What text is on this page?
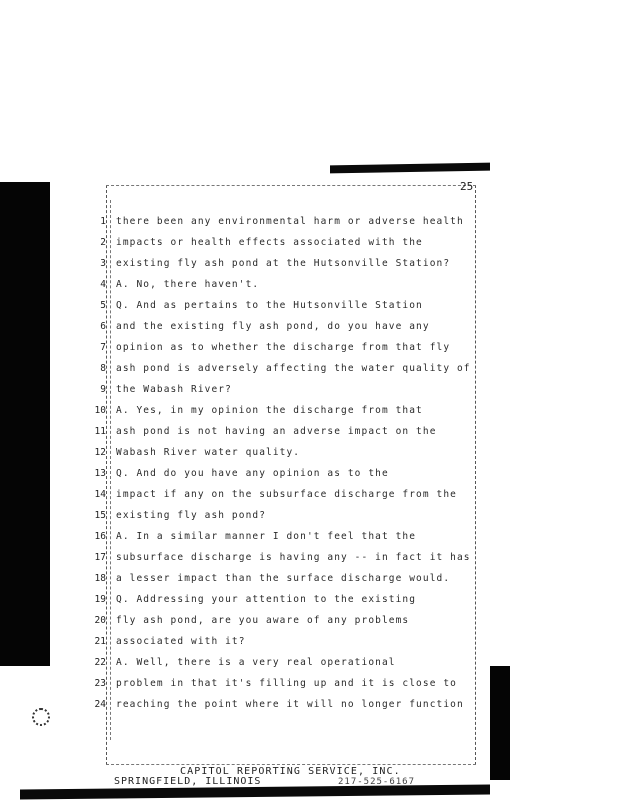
25
1 there been any environmental harm or adverse health
2 impacts or health effects associated with the
3 existing fly ash pond at the Hutsonville Station?
4 A. No, there haven't.
5 Q. And as pertains to the Hutsonville Station
6 and the existing fly ash pond, do you have any
7 opinion as to whether the discharge from that fly
8 ash pond is adversely affecting the water quality of
9 the Wabash River?
10 A. Yes, in my opinion the discharge from that
11 ash pond is not having an adverse impact on the
12 Wabash River water quality.
13 Q. And do you have any opinion as to the
14 impact if any on the subsurface discharge from the
15 existing fly ash pond?
16 A. In a similar manner I don't feel that the
17 subsurface discharge is having any -- in fact it has
18 a lesser impact than the surface discharge would.
19 Q. Addressing your attention to the existing
20 fly ash pond, are you aware of any problems
21 associated with it?
22 A. Well, there is a very real operational
23 problem in that it's filling up and it is close to
24 reaching the point where it will no longer function
CAPITOL REPORTING SERVICE, INC.
SPRINGFIELD, ILLINOIS	217-525-6167
